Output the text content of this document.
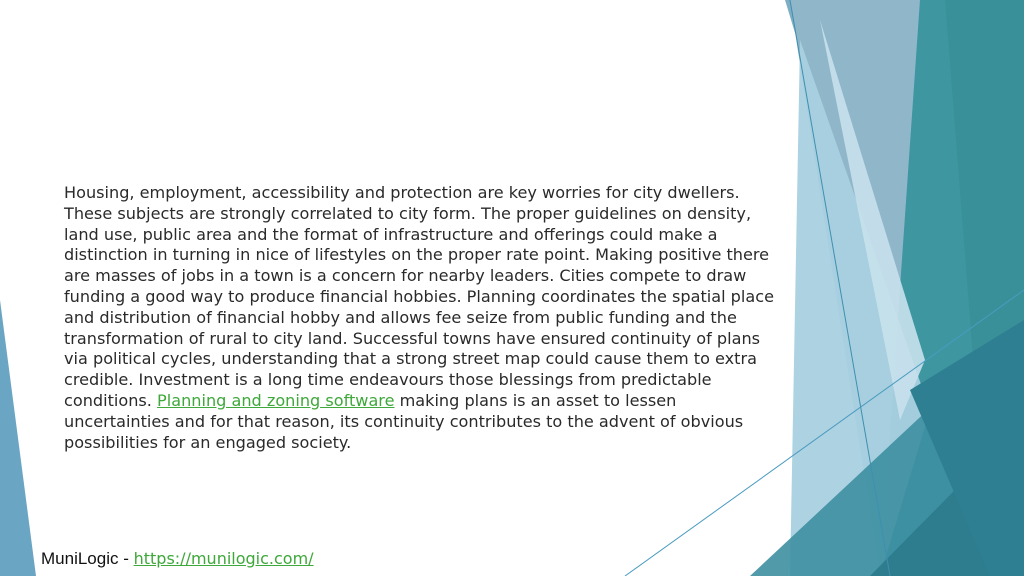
Housing, employment, accessibility and protection are key worries for city dwellers. These subjects are strongly correlated to city form. The proper guidelines on density, land use, public area and the format of infrastructure and offerings could make a distinction in turning in nice of lifestyles on the proper rate point. Making positive there are masses of jobs in a town is a concern for nearby leaders. Cities compete to draw funding a good way to produce financial hobbies. Planning coordinates the spatial place and distribution of financial hobby and allows fee seize from public funding and the transformation of rural to city land. Successful towns have ensured continuity of plans via political cycles, understanding that a strong street map could cause them to extra credible. Investment is a long time endeavours those blessings from predictable conditions. Planning and zoning software making plans is an asset to lessen uncertainties and for that reason, its continuity contributes to the advent of obvious possibilities for an engaged society.

MuniLogic - https://munilogic.com/
